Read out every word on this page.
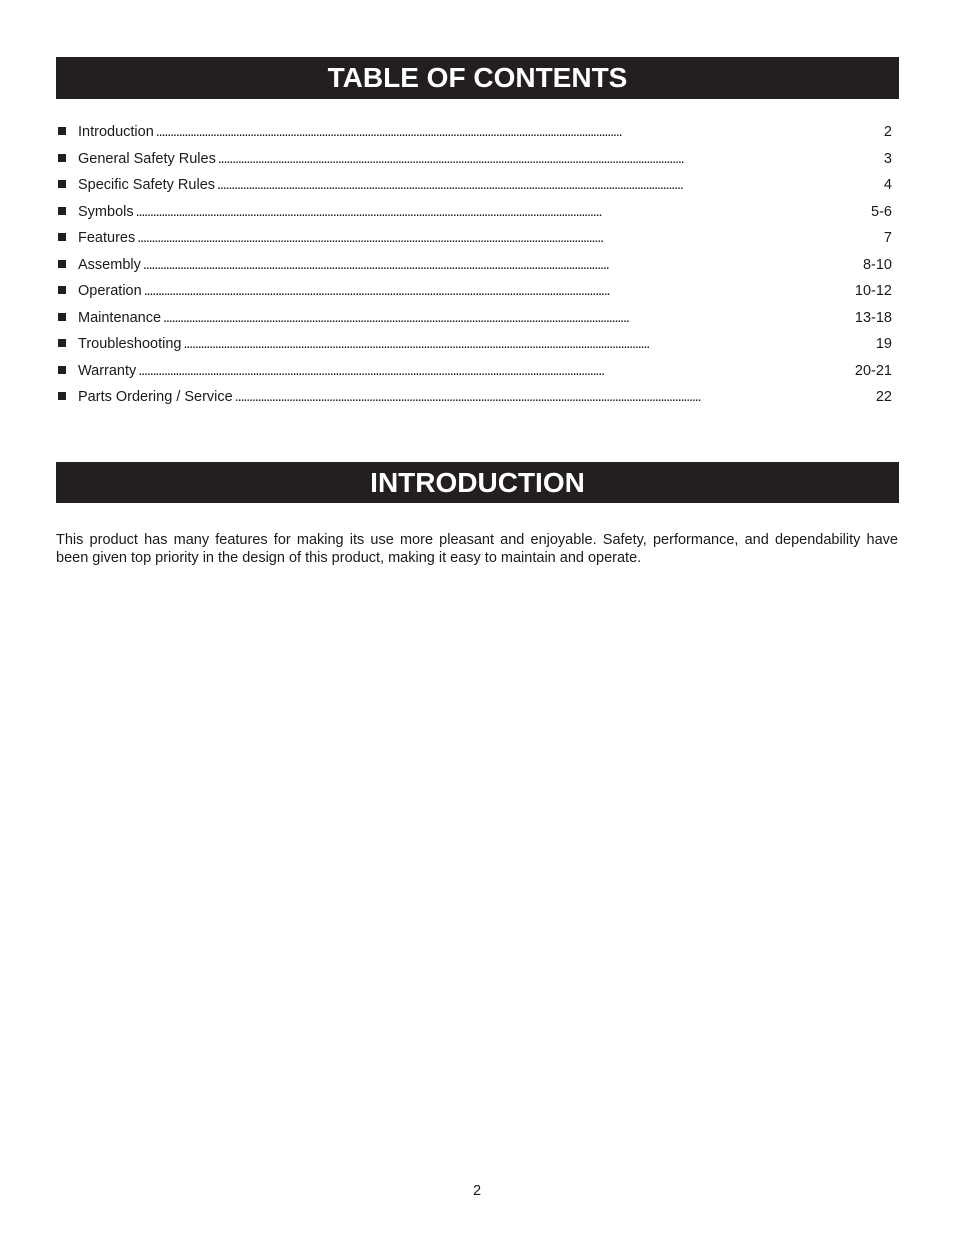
TABLE OF CONTENTS
Introduction . . .	2
General Safety Rules . . .	3
Specific Safety Rules . . .	4
Symbols . . .	5-6
Features . . .	7
Assembly . . .	8-10
Operation . . .	10-12
Maintenance . . .	13-18
Troubleshooting . . .	19
Warranty . . .	20-21
Parts Ordering / Service . . .	22
INTRODUCTION

This product has many features for making its use more pleasant and enjoyable. Safety, performance, and dependability have been given top priority in the design of this product, making it easy to maintain and operate.

2
